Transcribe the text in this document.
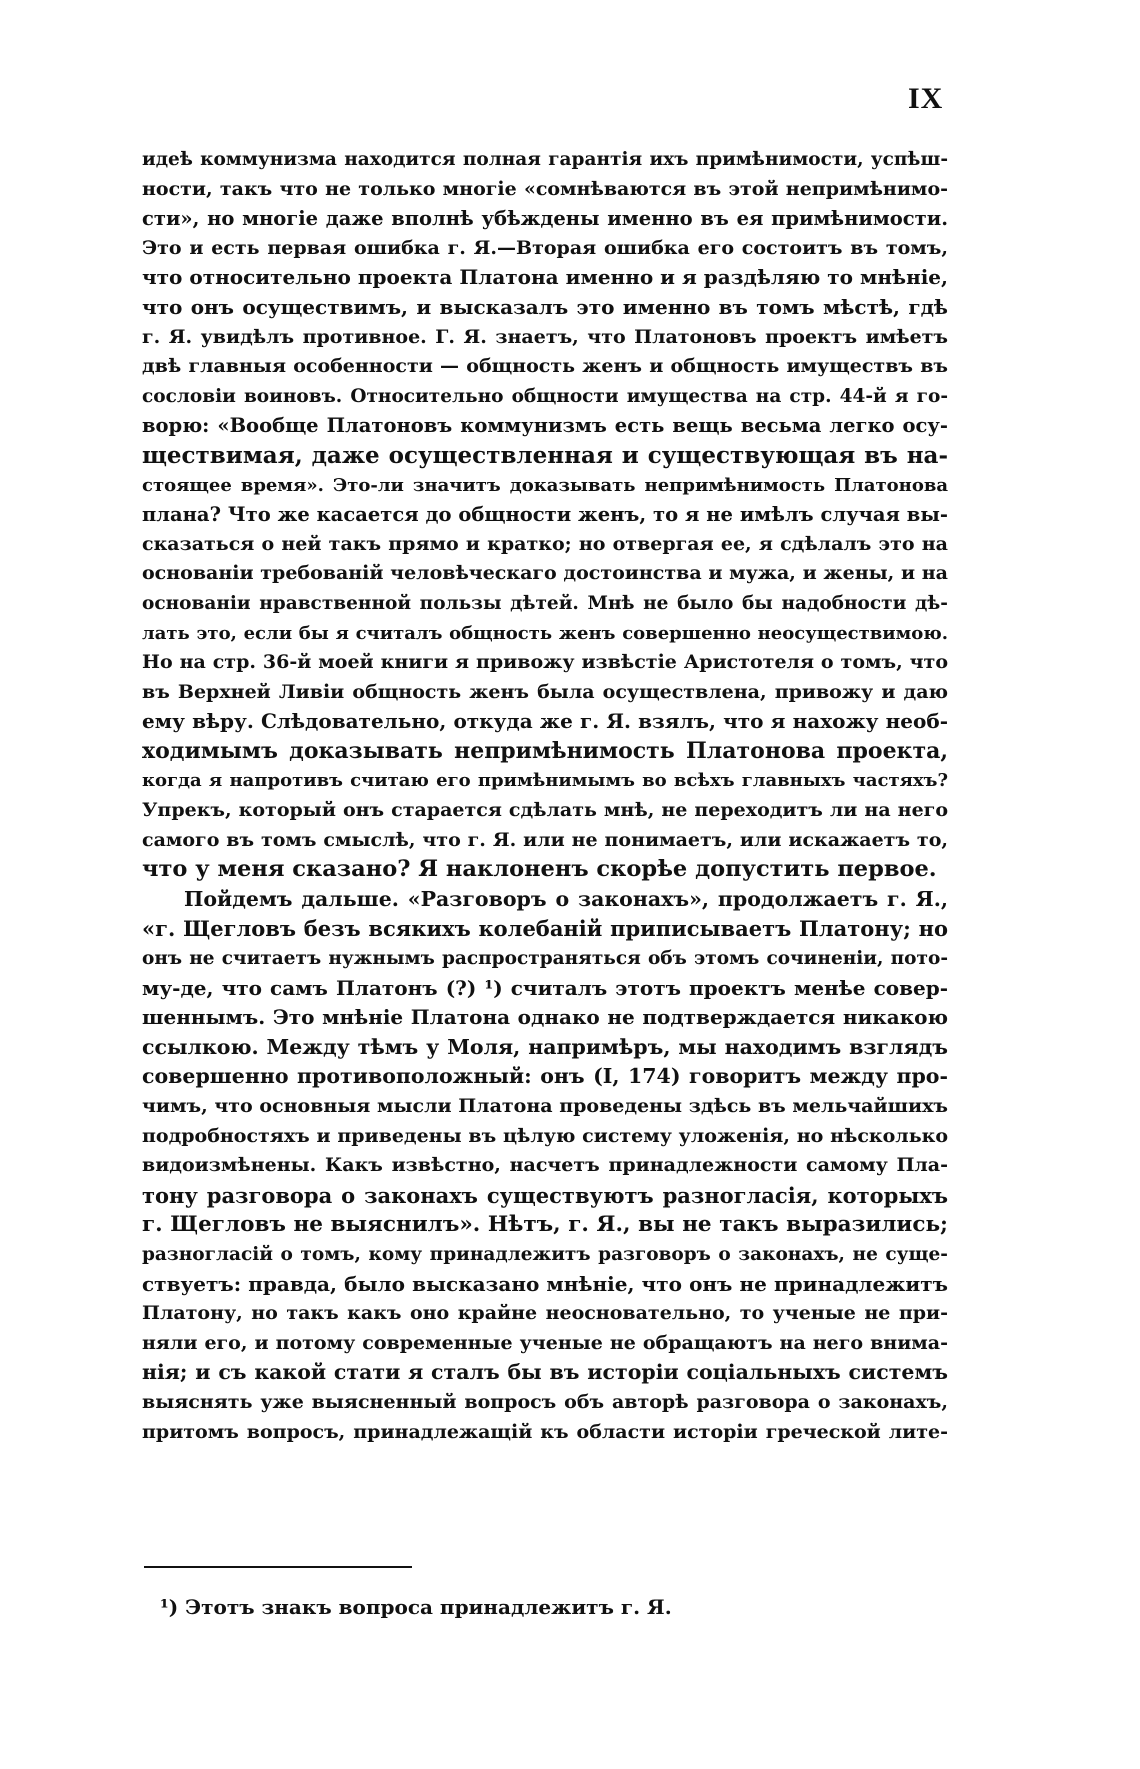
IX
идеѣ коммунизма находится полная гарантія ихъ примѣнимости, успѣш-
ности, такъ что не только многіе «сомнѣваются въ этой непримѣнимо-
сти», но многіе даже вполнѣ убѣждены именно въ ея примѣнимости.
Это и есть первая ошибка г. Я.—Вторая ошибка его состоитъ въ томъ,
что относительно проекта Платона именно и я раздѣляю то мнѣніе,
что онъ осуществимъ, и высказалъ это именно въ томъ мѣстѣ, гдѣ
г. Я. увидѣлъ противное. Г. Я. знаетъ, что Платоновъ проектъ имѣетъ
двѣ главныя особенности — общность женъ и общность имуществъ въ
сословіи воиновъ. Относительно общности имущества на стр. 44-й я го-
ворю: «Вообще Платоновъ коммунизмъ есть вещь весьма легко осу-
ществимая, даже осуществленная и существующая въ на-
стоящее время». Это-ли значитъ доказывать непримѣнимость Платонова
плана? Что же касается до общности женъ, то я не имѣлъ случая вы-
сказаться о ней такъ прямо и кратко; но отвергая ее, я сдѣлалъ это на
основаніи требованій человѣческаго достоинства и мужа, и жены, и на
основаніи нравственной пользы дѣтей. Мнѣ не было бы надобности дѣ-
лать это, если бы я считалъ общность женъ совершенно неосуществимою.
Но на стр. 36-й моей книги я привожу извѣстіе Аристотеля о томъ, что
въ Верхней Ливіи общность женъ была осуществлена, привожу и даю
ему вѣру. Слѣдовательно, откуда же г. Я. взялъ, что я нахожу необ-
ходимымъ доказывать непримѣнимость Платонова проекта,
когда я напротивъ считаю его примѣнимымъ во всѣхъ главныхъ частяхъ?
Упрекъ, который онъ старается сдѣлать мнѣ, не переходитъ ли на него
самого въ томъ смыслѣ, что г. Я. или не понимаетъ, или искажаетъ то,
что у меня сказано? Я наклоненъ скорѣе допустить первое.
Пойдемъ дальше. «Разговоръ о законахъ», продолжаетъ г. Я.,
«г. Щегловъ безъ всякихъ колебаній приписываетъ Платону; но
онъ не считаетъ нужнымъ распространяться объ этомъ сочиненіи, пото-
му-де, что самъ Платонъ (?) ¹) считалъ этотъ проектъ менѣе совер-
шеннымъ. Это мнѣніе Платона однако не подтверждается никакою
ссылкою. Между тѣмъ у Моля, напримѣръ, мы находимъ взглядъ
совершенно противоположный: онъ (I, 174) говоритъ между про-
чимъ, что основныя мысли Платона проведены здѣсь въ мельчайшихъ
подробностяхъ и приведены въ цѣлую систему уложенія, но нѣсколько
видоизмѣнены. Какъ извѣстно, насчетъ принадлежности самому Пла-
тону разговора о законахъ существуютъ разногласія, которыхъ
г. Щегловъ не выяснилъ». Нѣтъ, г. Я., вы не такъ выразились;
разногласій о томъ, кому принадлежитъ разговоръ о законахъ, не суще-
ствуетъ: правда, было высказано мнѣніе, что онъ не принадлежитъ
Платону, но такъ какъ оно крайне неосновательно, то ученые не при-
няли его, и потому современные ученые не обращаютъ на него внима-
нія; и съ какой стати я сталъ бы въ исторіи соціальныхъ системъ
выяснять уже выясненный вопросъ объ авторѣ разговора о законахъ,
притомъ вопросъ, принадлежащій къ области исторіи греческой лите-
¹) Этотъ знакъ вопроса принадлежитъ г. Я.
